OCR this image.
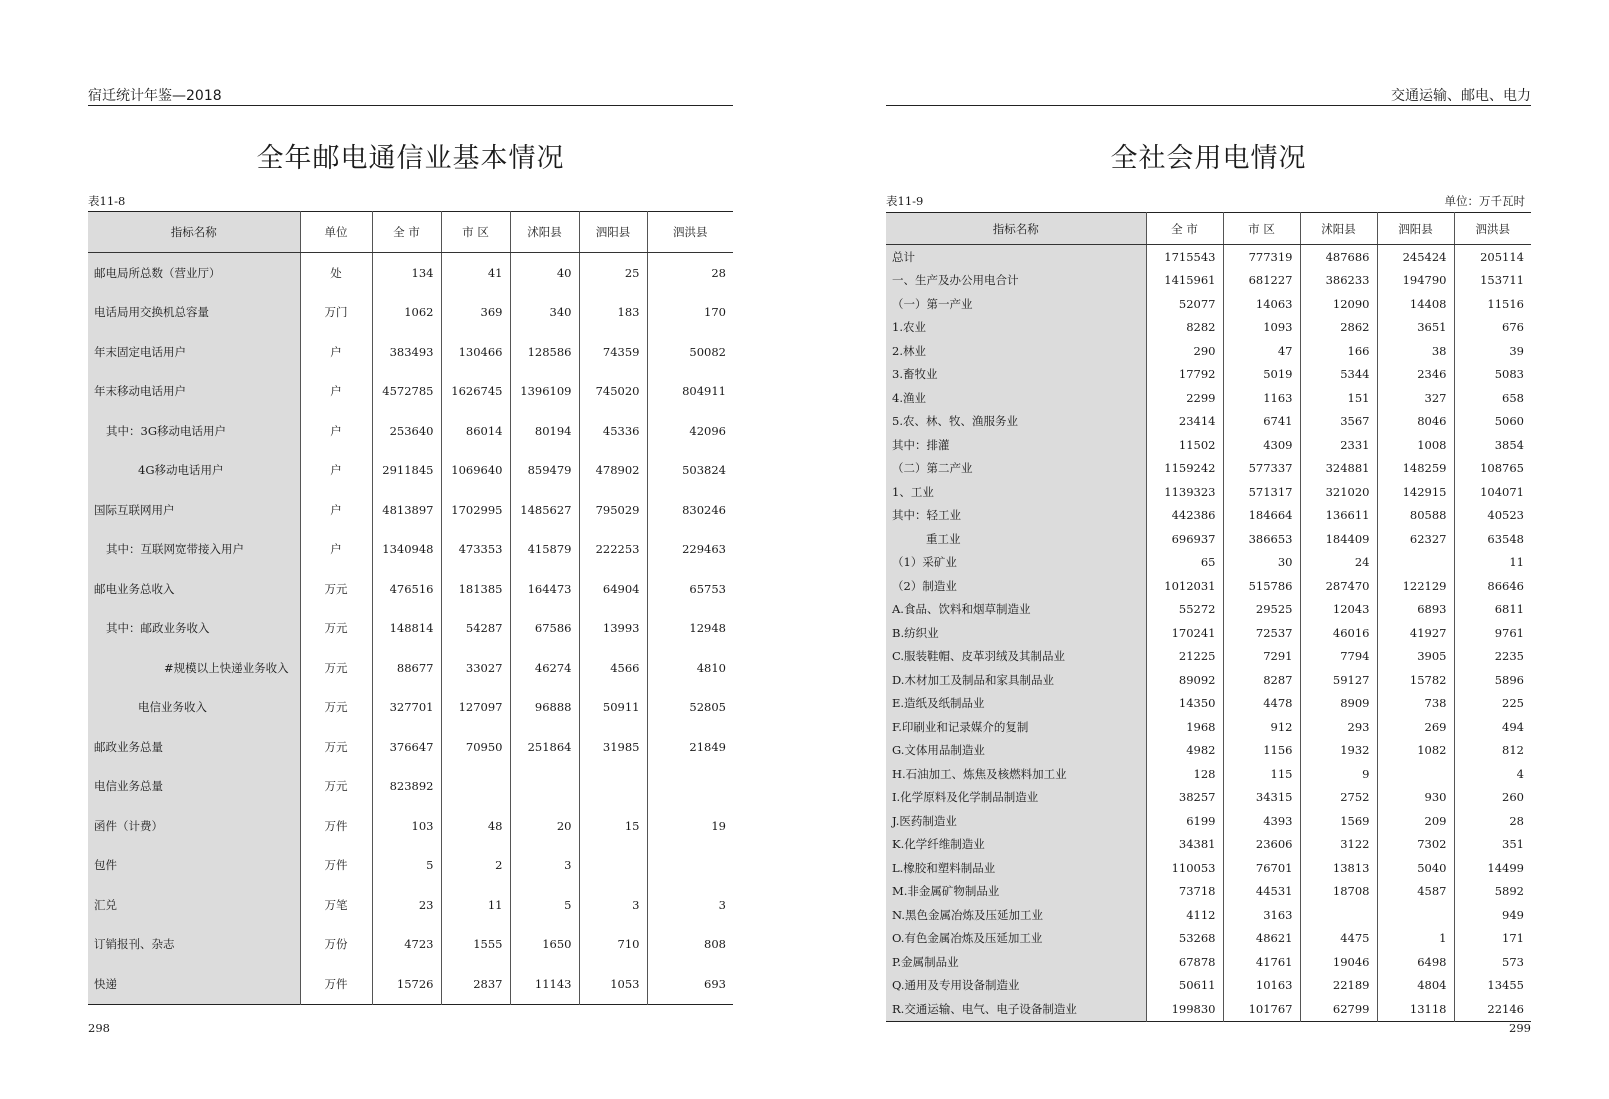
宿迁统计年鉴—2018
全年邮电通信业基本情况
表11-8
指标名称	单位	全 市	市 区	沭阳县	泗阳县	泗洪县
邮电局所总数（营业厅）	处	134	41	40	25	28
电话局用交换机总容量	万门	1062	369	340	183	170
年末固定电话用户	户	383493	130466	128586	74359	50082
年末移动电话用户	户	4572785	1626745	1396109	745020	804911
其中：3G移动电话用户	户	253640	86014	80194	45336	42096
4G移动电话用户	户	2911845	1069640	859479	478902	503824
国际互联网用户	户	4813897	1702995	1485627	795029	830246
其中：互联网宽带接入用户	户	1340948	473353	415879	222253	229463
邮电业务总收入	万元	476516	181385	164473	64904	65753
其中：邮政业务收入	万元	148814	54287	67586	13993	12948
#规模以上快递业务收入	万元	88677	33027	46274	4566	4810
电信业务收入	万元	327701	127097	96888	50911	52805
邮政业务总量	万元	376647	70950	251864	31985	21849
电信业务总量	万元	823892				
函件（计费）	万件	103	48	20	15	19
包件	万件	5	2	3		
汇兑	万笔	23	11	5	3	3
订销报刊、杂志	万份	4723	1555	1650	710	808
快递	万件	15726	2837	11143	1053	693
298
交通运输、邮电、电力
全社会用电情况
表11-9	单位：万千瓦时
指标名称	全 市	市 区	沭阳县	泗阳县	泗洪县
总计	1715543	777319	487686	245424	205114
一、生产及办公用电合计	1415961	681227	386233	194790	153711
（一）第一产业	52077	14063	12090	14408	11516
1.农业	8282	1093	2862	3651	676
2.林业	290	47	166	38	39
3.畜牧业	17792	5019	5344	2346	5083
4.渔业	2299	1163	151	327	658
5.农、林、牧、渔服务业	23414	6741	3567	8046	5060
其中：排灌	11502	4309	2331	1008	3854
（二）第二产业	1159242	577337	324881	148259	108765
1、工业	1139323	571317	321020	142915	104071
其中：轻工业	442386	184664	136611	80588	40523
重工业	696937	386653	184409	62327	63548
（1）采矿业	65	30	24		11
（2）制造业	1012031	515786	287470	122129	86646
A.食品、饮料和烟草制造业	55272	29525	12043	6893	6811
B.纺织业	170241	72537	46016	41927	9761
C.服装鞋帽、皮革羽绒及其制品业	21225	7291	7794	3905	2235
D.木材加工及制品和家具制品业	89092	8287	59127	15782	5896
E.造纸及纸制品业	14350	4478	8909	738	225
F.印刷业和记录媒介的复制	1968	912	293	269	494
G.文体用品制造业	4982	1156	1932	1082	812
H.石油加工、炼焦及核燃料加工业	128	115	9		4
I.化学原料及化学制品制造业	38257	34315	2752	930	260
J.医药制造业	6199	4393	1569	209	28
K.化学纤维制造业	34381	23606	3122	7302	351
L.橡胶和塑料制品业	110053	76701	13813	5040	14499
M.非金属矿物制品业	73718	44531	18708	4587	5892
N.黑色金属冶炼及压延加工业	4112	3163			949
O.有色金属冶炼及压延加工业	53268	48621	4475	1	171
P.金属制品业	67878	41761	19046	6498	573
Q.通用及专用设备制造业	50611	10163	22189	4804	13455
R.交通运输、电气、电子设备制造业	199830	101767	62799	13118	22146
299
